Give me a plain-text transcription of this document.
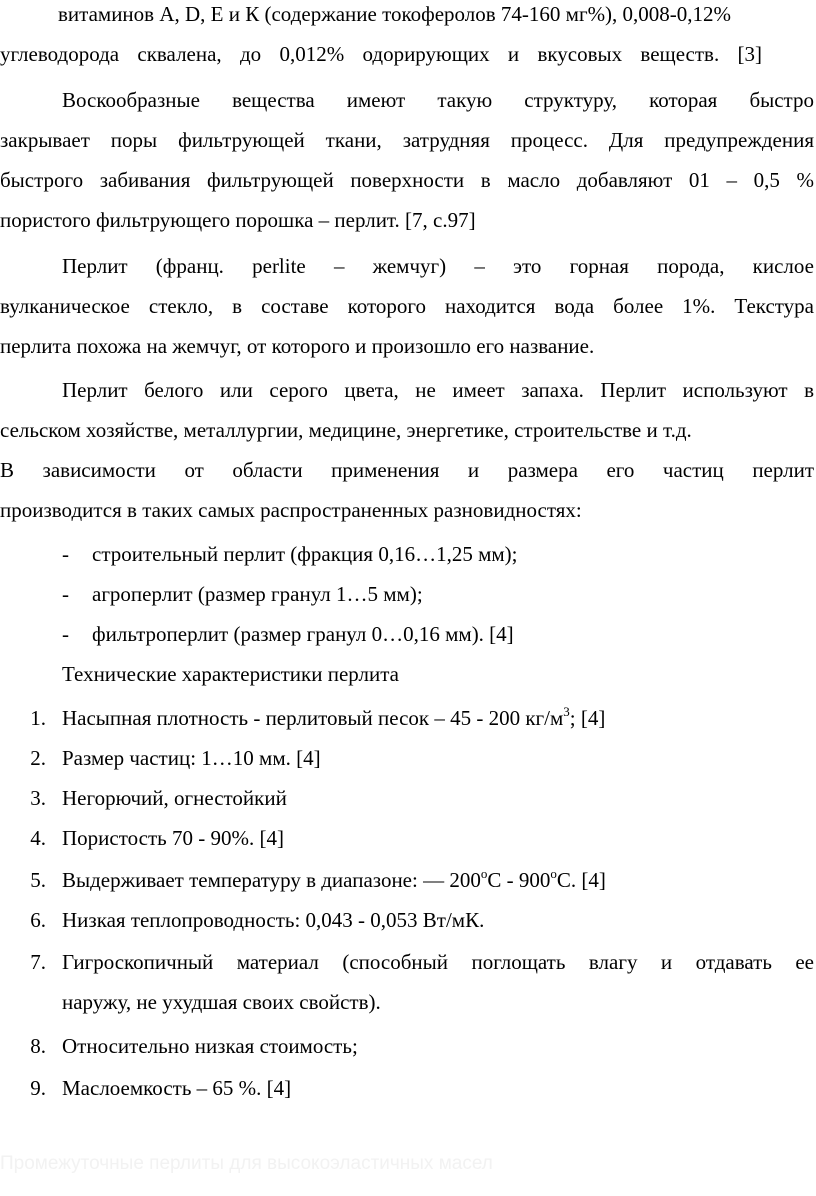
витаминов А, D, Е и К (содержание токоферолов 74-160 мг%), 0,008-0,12%
углеводорода сквалена, до 0,012% одорирующих и вкусовых веществ. [3]
Воскообразные вещества имеют такую структуру, которая быстро
закрывает поры фильтрующей ткани, затрудняя процесс. Для предупреждения
быстрого забивания фильтрующей поверхности в масло добавляют 01 – 0,5 %
пористого фильтрующего порошка – перлит. [7, с.97]
Перлит (франц. perlite – жемчуг) – это горная порода, кислое
вулканическое стекло, в составе которого находится вода более 1%. Текстура
перлита похожа на жемчуг, от которого и произошло его название.
Перлит белого или серого цвета, не имеет запаха. Перлит используют в
сельском хозяйстве, металлургии, медицине, энергетике, строительстве и т.д.
В зависимости от области применения и размера его частиц перлит
производится в таких самых распространенных разновидностях:
-	строительный перлит (фракция 0,16…1,25 мм);
-	агроперлит (размер гранул 1…5 мм);
-	фильтроперлит (размер гранул 0…0,16 мм). [4]
Технические характеристики перлита
1. Насыпная плотность - перлитовый песок – 45 - 200 $кг/м^3$; [4]
2. Размер частиц: 1…10 мм. [4]
3. Негорючий, огнестойкий
4. Пористость 70 - 90%. [4]
5. Выдерживает температуру в диапазоне: — $200^оС - 900^оС$. [4]
6. Низкая теплопроводность: 0,043 - 0,053 Вт/мК.
7. Гигроскопичный материал (способный поглощать влагу и отдавать ее
наружу, не ухудшая своих свойств).
8. Относительно низкая стоимость;
9. Маслоемкость – 65 %. [4]
Промежуточные перлиты для высокоэластичных масел
